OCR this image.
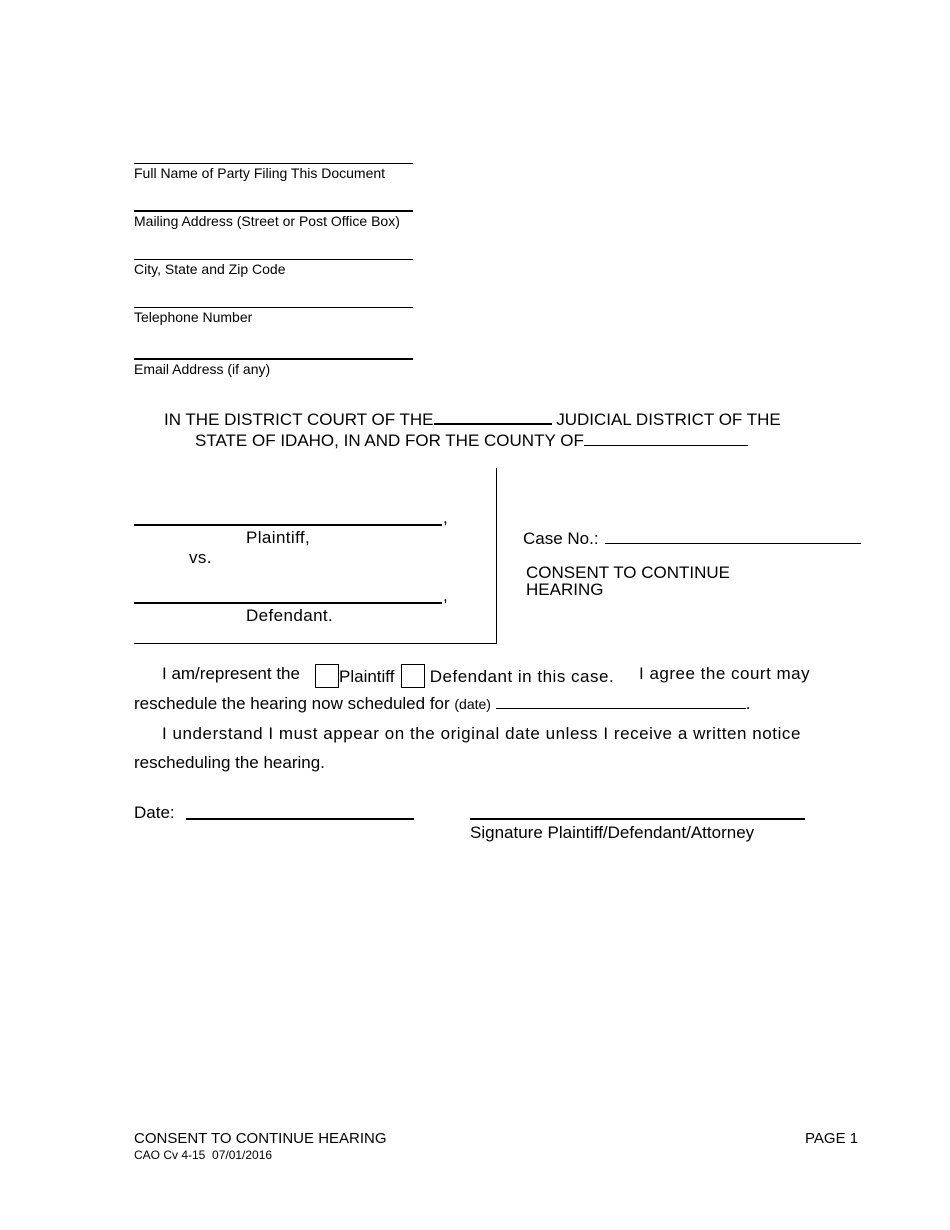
Full Name of Party Filing This Document
Mailing Address (Street or Post Office Box)
City, State and Zip Code
Telephone Number
Email Address (if any)
IN THE DISTRICT COURT OF THE	JUDICIAL DISTRICT OF THE
STATE OF IDAHO, IN AND FOR THE COUNTY OF
,
Plaintiff,
vs.
,
Defendant.
Case No.:
CONSENT TO CONTINUE
HEARING
I am/represent the	Plaintiff	Defendant in this case. I agree the court may
reschedule the hearing now scheduled for (date)	.
I understand I must appear on the original date unless I receive a written notice
rescheduling the hearing.
Date:
Signature Plaintiff/Defendant/Attorney
CONSENT TO CONTINUE HEARING
CAO Cv 4-15  07/01/2016
PAGE 1
